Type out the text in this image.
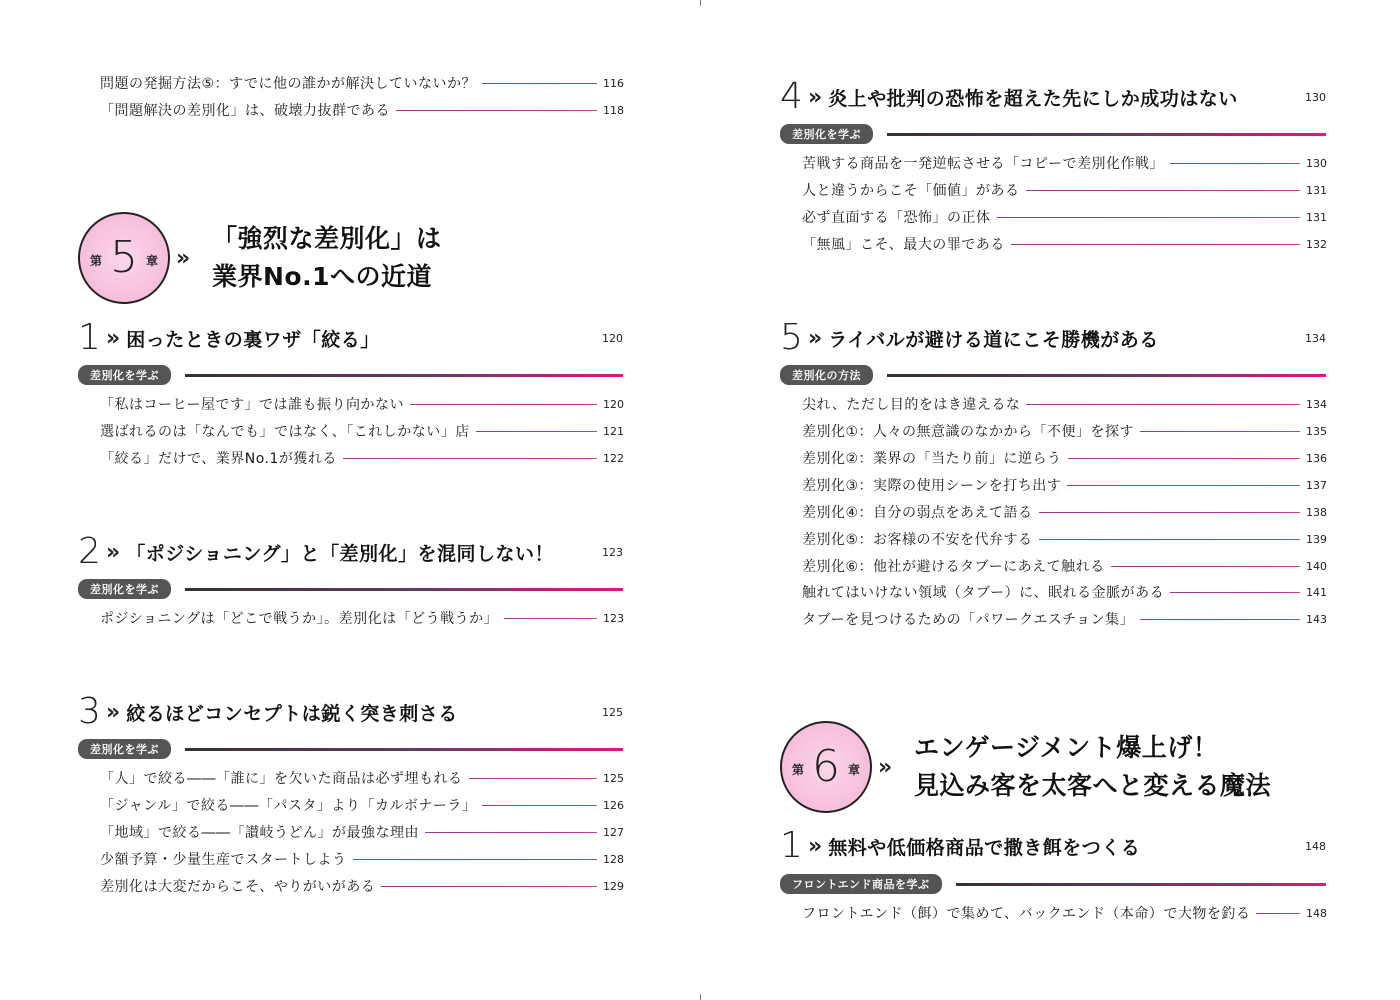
問題の発掘方法⑤：すでに他の誰かが解決していないか？	116
「問題解決の差別化」は、破壊力抜群である	118
第 5 章 »
「強烈な差別化」は
業界No.1への近道
1 » 困ったときの裏ワザ「絞る」	120
差別化を学ぶ
「私はコーヒー屋です」では誰も振り向かない	120
選ばれるのは「なんでも」ではなく、「これしかない」店	121
「絞る」だけで、業界No.1が獲れる	122
2 » 「ポジショニング」と「差別化」を混同しない！	123
差別化を学ぶ
ポジショニングは「どこで戦うか」。差別化は「どう戦うか」	123
3 » 絞るほどコンセプトは鋭く突き刺さる	125
差別化を学ぶ
「人」で絞る――「誰に」を欠いた商品は必ず埋もれる	125
「ジャンル」で絞る――「パスタ」より「カルボナーラ」	126
「地域」で絞る――「讃岐うどん」が最強な理由	127
少額予算・少量生産でスタートしよう	128
差別化は大変だからこそ、やりがいがある	129
4 » 炎上や批判の恐怖を超えた先にしか成功はない	130
差別化を学ぶ
苦戦する商品を一発逆転させる「コピーで差別化作戦」	130
人と違うからこそ「価値」がある	131
必ず直面する「恐怖」の正体	131
「無風」こそ、最大の罪である	132
5 » ライバルが避ける道にこそ勝機がある	134
差別化の方法
尖れ、ただし目的をはき違えるな	134
差別化①：人々の無意識のなかから「不便」を探す	135
差別化②：業界の「当たり前」に逆らう	136
差別化③：実際の使用シーンを打ち出す	137
差別化④：自分の弱点をあえて語る	138
差別化⑤：お客様の不安を代弁する	139
差別化⑥：他社が避けるタブーにあえて触れる	140
触れてはいけない領域（タブー）に、眠れる金脈がある	141
タブーを見つけるための「パワークエスチョン集」	143
第 6 章 »
エンゲージメント爆上げ！
見込み客を太客へと変える魔法
1 » 無料や低価格商品で撒き餌をつくる	148
フロントエンド商品を学ぶ
フロントエンド（餌）で集めて、バックエンド（本命）で大物を釣る	148
